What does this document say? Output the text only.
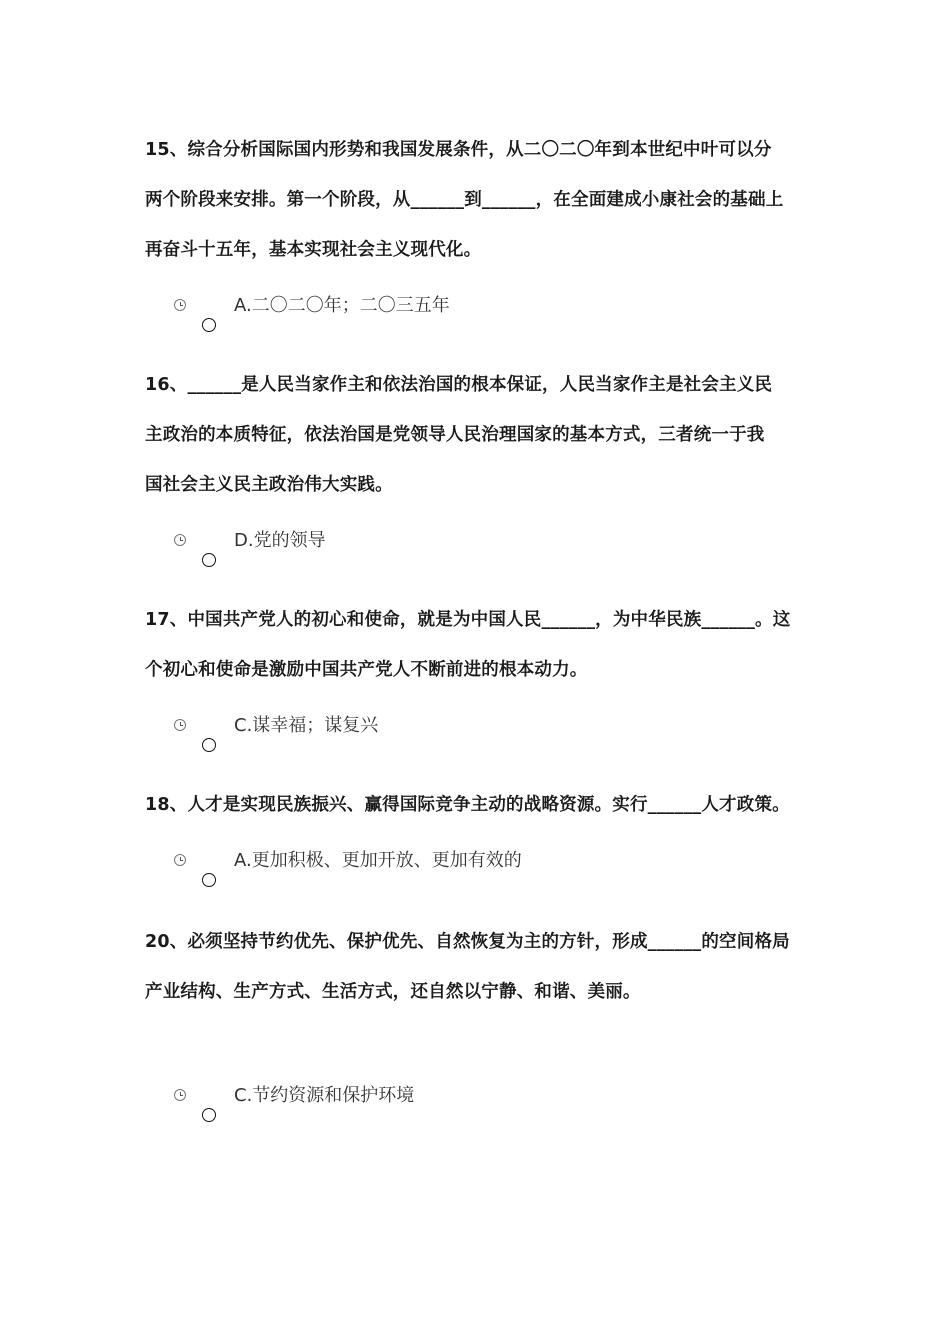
15、综合分析国际国内形势和我国发展条件，从二〇二〇年到本世纪中叶可以分
两个阶段来安排。第一个阶段，从______到______，在全面建成小康社会的基础上
再奋斗十五年，基本实现社会主义现代化。
A.二〇二〇年；二〇三五年
16、______是人民当家作主和依法治国的根本保证，人民当家作主是社会主义民
主政治的本质特征，依法治国是党领导人民治理国家的基本方式，三者统一于我
国社会主义民主政治伟大实践。
D.党的领导
17、中国共产党人的初心和使命，就是为中国人民______，为中华民族______。这
个初心和使命是激励中国共产党人不断前进的根本动力。
C.谋幸福；谋复兴
18、人才是实现民族振兴、赢得国际竞争主动的战略资源。实行______人才政策。
A.更加积极、更加开放、更加有效的
20、必须坚持节约优先、保护优先、自然恢复为主的方针，形成______的空间格局
产业结构、生产方式、生活方式，还自然以宁静、和谐、美丽。
C.节约资源和保护环境
